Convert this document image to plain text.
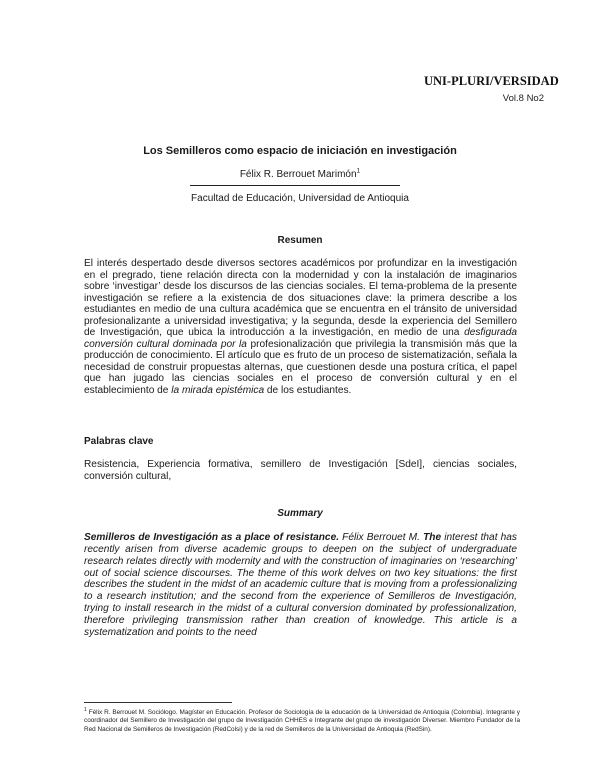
UNI-PLURI/VERSIDAD
Vol.8 No2
Los Semilleros como espacio de iniciación en investigación
Félix R. Berrouet Marimón$^1$
Facultad de Educación, Universidad de Antioquia
Resumen
El interés despertado desde diversos sectores académicos por profundizar en la investigación en el pregrado, tiene relación directa con la modernidad y con la instalación de imaginarios sobre ‘investigar’ desde los discursos de las ciencias sociales. El tema-problema de la presente investigación se refiere a la existencia de dos situaciones clave: la primera describe a los estudiantes en medio de una cultura académica que se encuentra en el tránsito de universidad profesionalizante a universidad investigativa; y la segunda, desde la experiencia del Semillero de Investigación, que ubica la introducción a la investigación, en medio de una desfigurada conversión cultural dominada por la profesionalización que privilegia la transmisión más que la producción de conocimiento. El artículo que es fruto de un proceso de sistematización, señala la necesidad de construir propuestas alternas, que cuestionen desde una postura crítica, el papel que han jugado las ciencias sociales en el proceso de conversión cultural y en el establecimiento de la mirada epistémica de los estudiantes.
Palabras clave
Resistencia, Experiencia formativa, semillero de Investigación [SdeI], ciencias sociales, conversión cultural,
Summary
Semilleros de Investigación as a place of resistance. Félix Berrouet M. The interest that has recently arisen from diverse academic groups to deepen on the subject of undergraduate research relates directly with modernity and with the construction of imaginaries on ‘researching’ out of social science discourses. The theme of this work delves on two key situations: the first describes the student in the midst of an academic culture that is moving from a professionalizing to a research institution; and the second from the experience of Semilleros de Investigación, trying to install research in the midst of a cultural conversion dominated by professionalization, therefore privileging transmission rather than creation of knowledge. This article is a systematization and points to the need
$^1$ Félix R. Berrouet M. Sociólogo. Magíster en Educación. Profesor de Sociología de la educación de la Universidad de Antioquia (Colombia). Integrante y coordinador del Semillero de Investigación del grupo de Investigación CHHES e Integrante del grupo de investigación Diverser. Miembro Fundador de la Red Nacional de Semilleros de Investigación (RedColsi) y de la red de Semilleros de la Universidad de Antioquia (RedSin).
